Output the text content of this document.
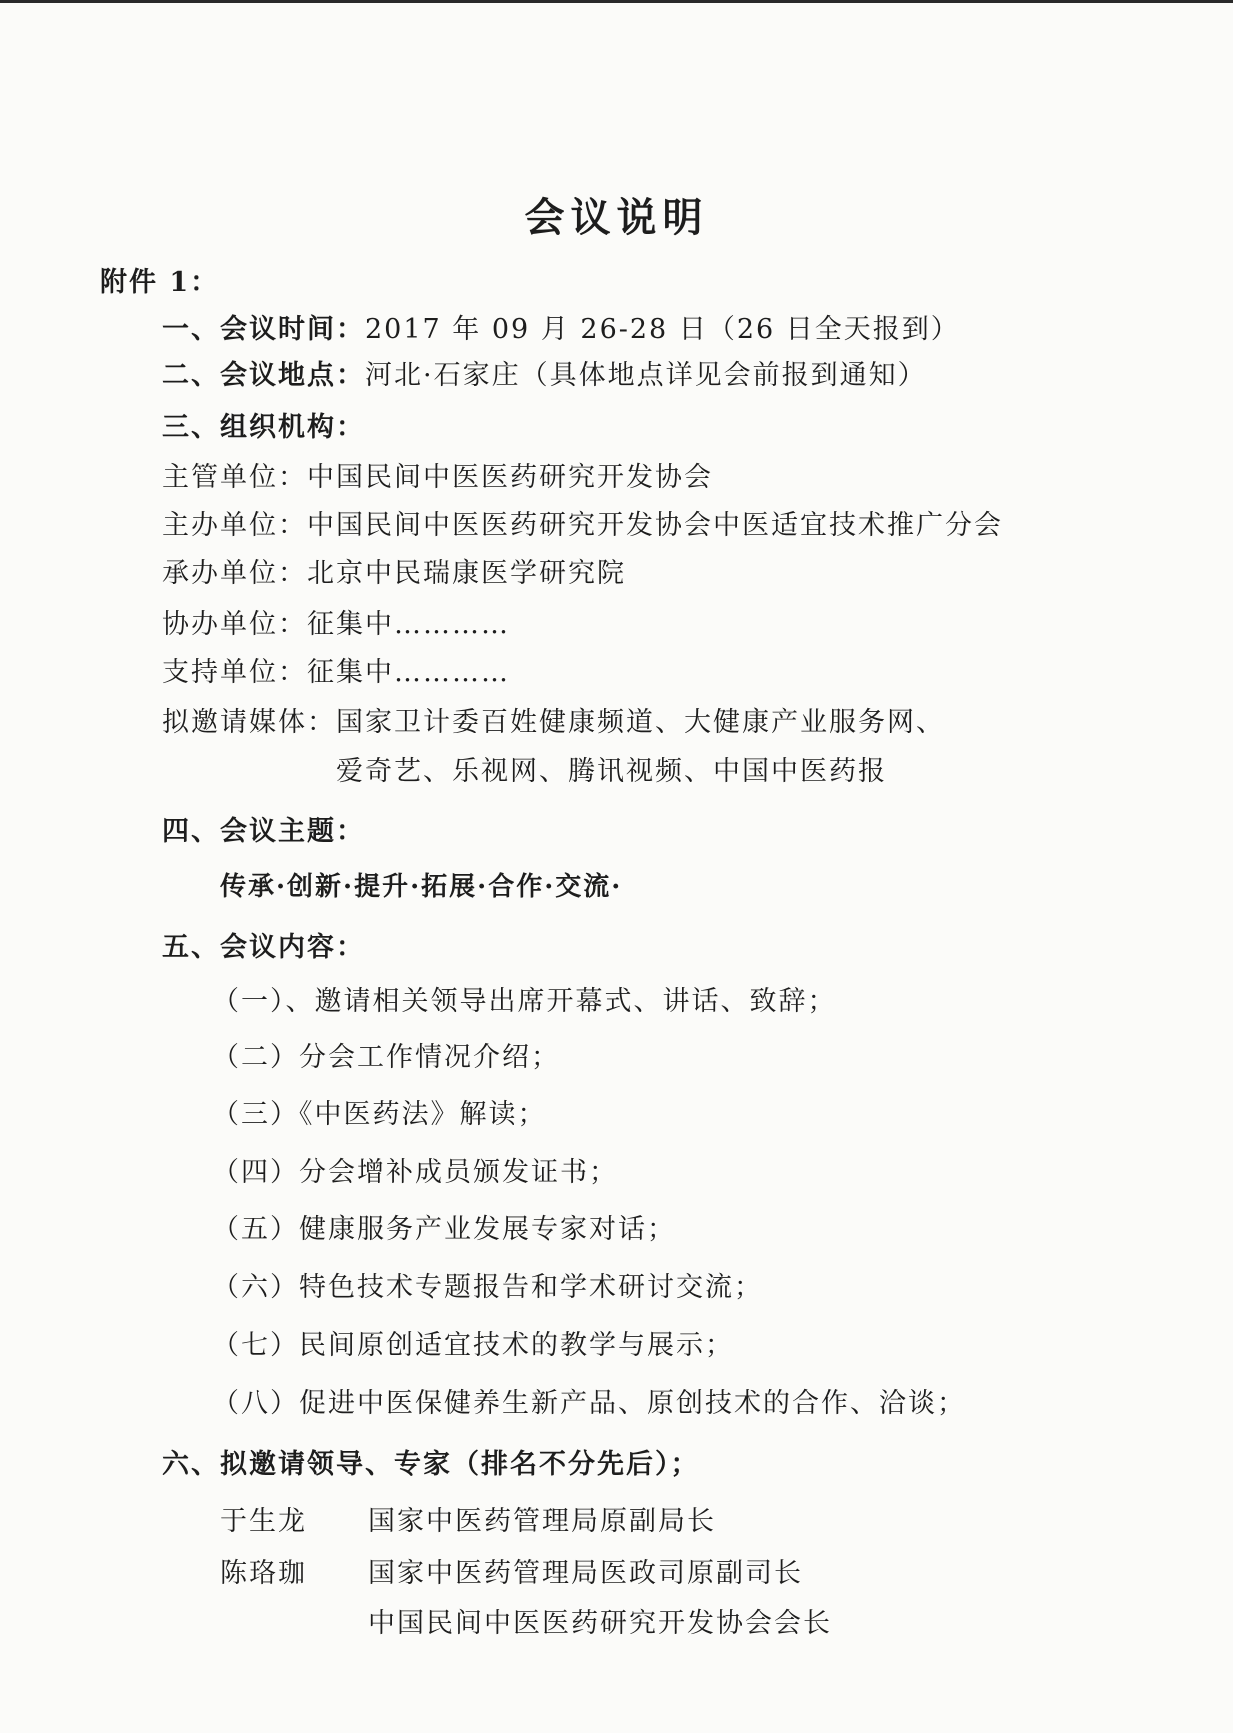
会议说明
附件 1：
一、会议时间：2017 年 09 月 26-28 日（26 日全天报到）
二、会议地点：河北·石家庄（具体地点详见会前报到通知）
三、组织机构：
主管单位：中国民间中医医药研究开发协会
主办单位：中国民间中医医药研究开发协会中医适宜技术推广分会
承办单位：北京中民瑞康医学研究院
协办单位：征集中…………
支持单位：征集中…………
拟邀请媒体：国家卫计委百姓健康频道、大健康产业服务网、
爱奇艺、乐视网、腾讯视频、中国中医药报
四、会议主题：
传承·创新·提升·拓展·合作·交流·
五、会议内容：
（一）、邀请相关领导出席开幕式、讲话、致辞；
（二）分会工作情况介绍；
（三）《中医药法》解读；
（四）分会增补成员颁发证书；
（五）健康服务产业发展专家对话；
（六）特色技术专题报告和学术研讨交流；
（七）民间原创适宜技术的教学与展示；
（八）促进中医保健养生新产品、原创技术的合作、洽谈；
六、拟邀请领导、专家（排名不分先后）；
于生龙 国家中医药管理局原副局长
陈珞珈 国家中医药管理局医政司原副司长
中国民间中医医药研究开发协会会长
